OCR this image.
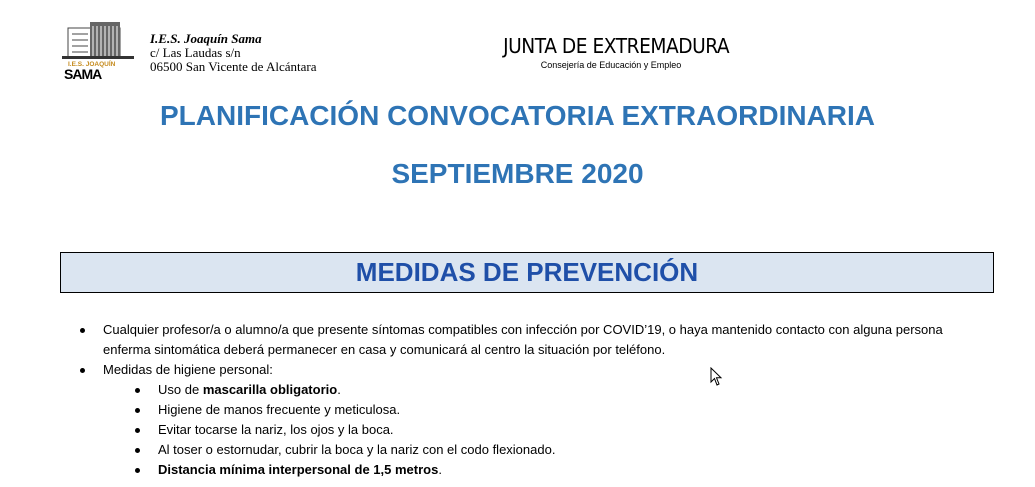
I.E.S. JOAQUÍN
SAMA
I.E.S. Joaquín Sama
c/ Las Laudas s/n
06500 San Vicente de Alcántara
JUNTA DE EXTREMADURA
Consejería de Educación y Empleo
PLANIFICACIÓN CONVOCATORIA EXTRAORDINARIA
SEPTIEMBRE 2020
MEDIDAS DE PREVENCIÓN
Cualquier profesor/a o alumno/a que presente síntomas compatibles con infección por COVID’19, o haya mantenido contacto con alguna persona enferma sintomática deberá permanecer en casa y comunicará al centro la situación por teléfono.
Medidas de higiene personal:
Uso de mascarilla obligatorio.
Higiene de manos frecuente y meticulosa.
Evitar tocarse la nariz, los ojos y la boca.
Al toser o estornudar, cubrir la boca y la nariz con el codo flexionado.
Distancia mínima interpersonal de 1,5 metros.
